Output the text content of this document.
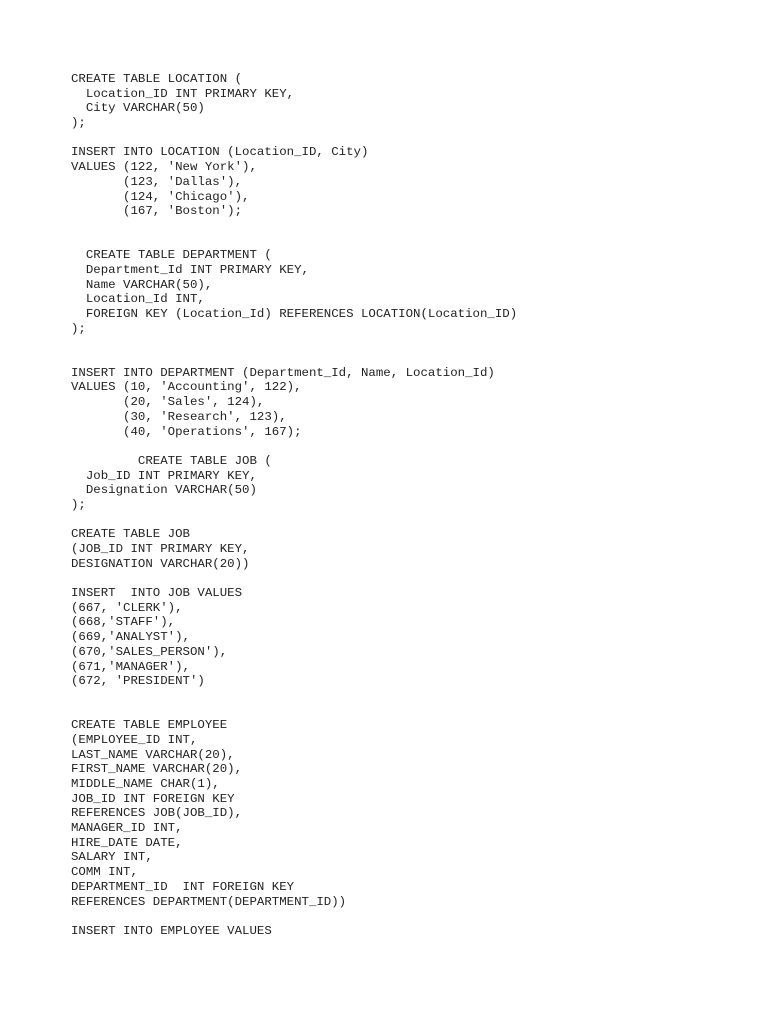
CREATE TABLE LOCATION (
Location_ID INT PRIMARY KEY,
City VARCHAR(50)
);
INSERT INTO LOCATION (Location_ID, City)
VALUES (122, 'New York'),
(123, 'Dallas'),
(124, 'Chicago'),
(167, 'Boston');
CREATE TABLE DEPARTMENT (
Department_Id INT PRIMARY KEY,
Name VARCHAR(50),
Location_Id INT,
FOREIGN KEY (Location_Id) REFERENCES LOCATION(Location_ID)
);
INSERT INTO DEPARTMENT (Department_Id, Name, Location_Id)
VALUES (10, 'Accounting', 122),
(20, 'Sales', 124),
(30, 'Research', 123),
(40, 'Operations', 167);
CREATE TABLE JOB (
Job_ID INT PRIMARY KEY,
Designation VARCHAR(50)
);
CREATE TABLE JOB
(JOB_ID INT PRIMARY KEY,
DESIGNATION VARCHAR(20))
INSERT  INTO JOB VALUES
(667, 'CLERK'),
(668,'STAFF'),
(669,'ANALYST'),
(670,'SALES_PERSON'),
(671,'MANAGER'),
(672, 'PRESIDENT')
CREATE TABLE EMPLOYEE
(EMPLOYEE_ID INT,
LAST_NAME VARCHAR(20),
FIRST_NAME VARCHAR(20),
MIDDLE_NAME CHAR(1),
JOB_ID INT FOREIGN KEY
REFERENCES JOB(JOB_ID),
MANAGER_ID INT,
HIRE_DATE DATE,
SALARY INT,
COMM INT,
DEPARTMENT_ID  INT FOREIGN KEY
REFERENCES DEPARTMENT(DEPARTMENT_ID))
INSERT INTO EMPLOYEE VALUES
